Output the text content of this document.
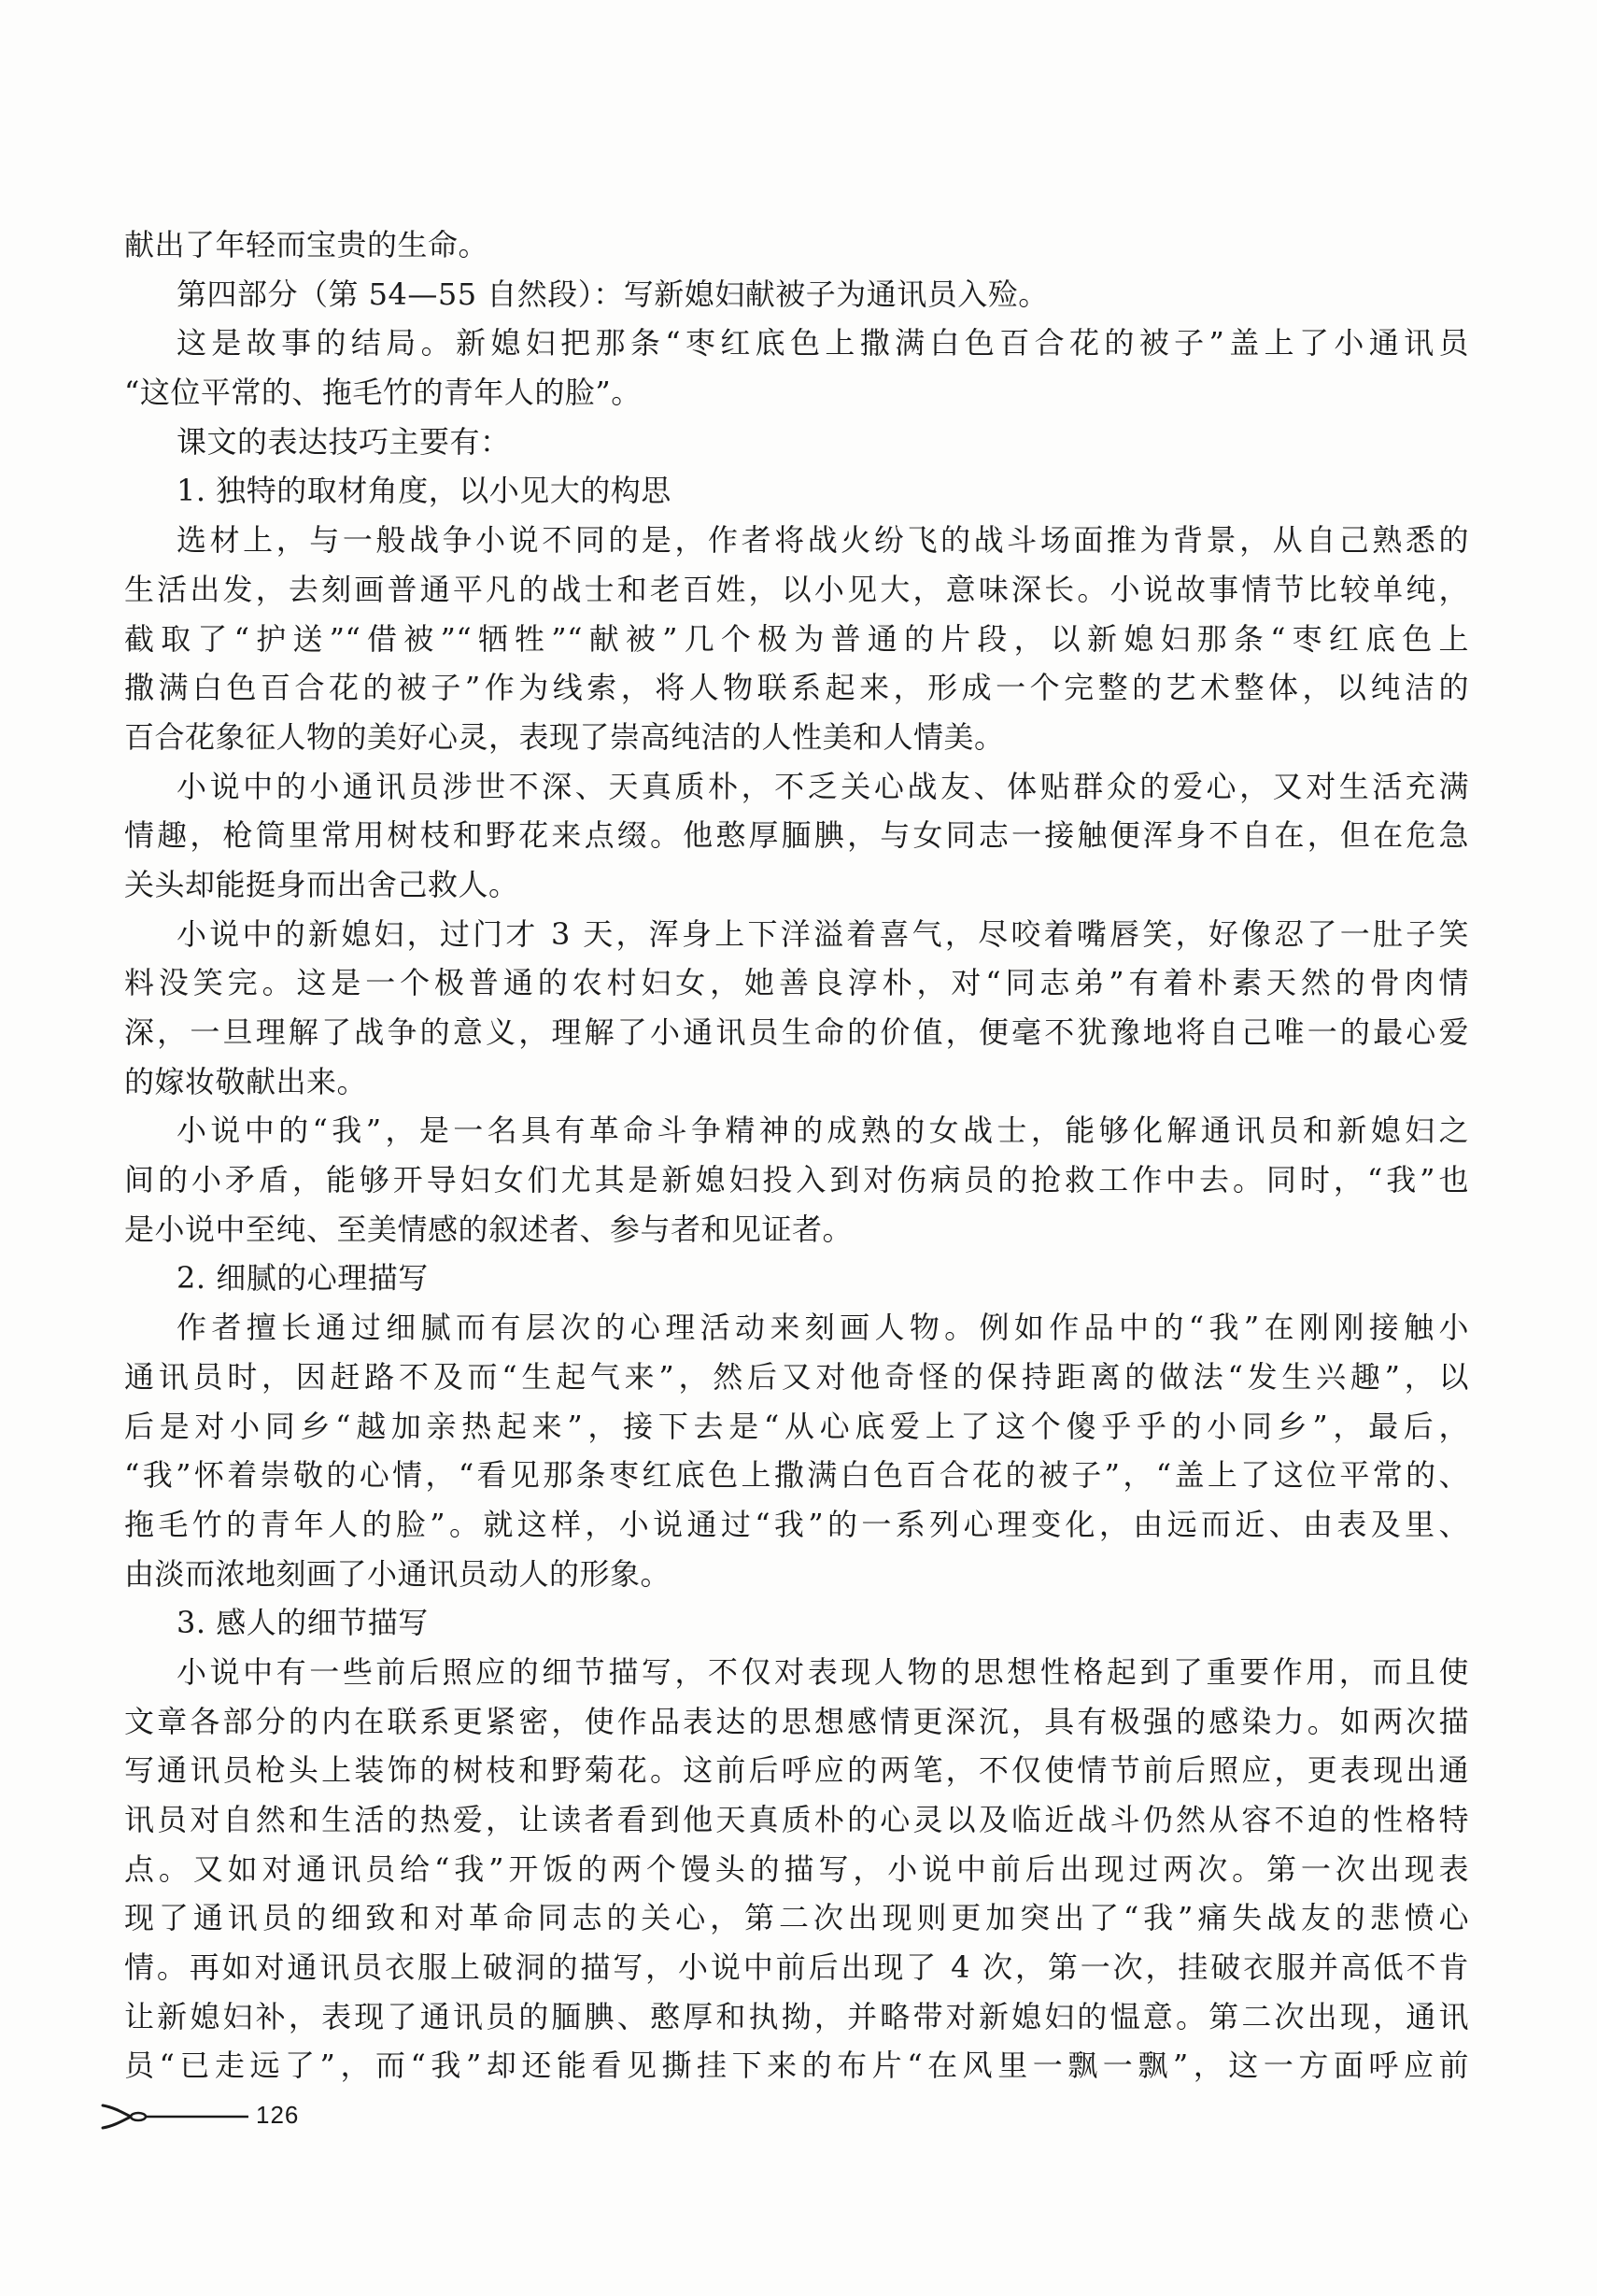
献出了年轻而宝贵的生命。
第四部分（第 54—55 自然段）：写新媳妇献被子为通讯员入殓。
这是故事的结局。新媳妇把那条“枣红底色上撒满白色百合花的被子”盖上了小通讯员
“这位平常的、拖毛竹的青年人的脸”。
课文的表达技巧主要有：
1. 独特的取材角度，以小见大的构思
选材上，与一般战争小说不同的是，作者将战火纷飞的战斗场面推为背景，从自己熟悉的
生活出发，去刻画普通平凡的战士和老百姓，以小见大，意味深长。小说故事情节比较单纯，
截取了“护送”“借被”“牺牲”“献被”几个极为普通的片段，以新媳妇那条“枣红底色上
撒满白色百合花的被子”作为线索，将人物联系起来，形成一个完整的艺术整体，以纯洁的
百合花象征人物的美好心灵，表现了崇高纯洁的人性美和人情美。
小说中的小通讯员涉世不深、天真质朴，不乏关心战友、体贴群众的爱心，又对生活充满
情趣，枪筒里常用树枝和野花来点缀。他憨厚腼腆，与女同志一接触便浑身不自在，但在危急
关头却能挺身而出舍己救人。
小说中的新媳妇，过门才 3 天，浑身上下洋溢着喜气，尽咬着嘴唇笑，好像忍了一肚子笑
料没笑完。这是一个极普通的农村妇女，她善良淳朴，对“同志弟”有着朴素天然的骨肉情
深，一旦理解了战争的意义，理解了小通讯员生命的价值，便毫不犹豫地将自己唯一的最心爱
的嫁妆敬献出来。
小说中的“我”，是一名具有革命斗争精神的成熟的女战士，能够化解通讯员和新媳妇之
间的小矛盾，能够开导妇女们尤其是新媳妇投入到对伤病员的抢救工作中去。同时，“我”也
是小说中至纯、至美情感的叙述者、参与者和见证者。
2. 细腻的心理描写
作者擅长通过细腻而有层次的心理活动来刻画人物。例如作品中的“我”在刚刚接触小
通讯员时，因赶路不及而“生起气来”，然后又对他奇怪的保持距离的做法“发生兴趣”，以
后是对小同乡“越加亲热起来”，接下去是“从心底爱上了这个傻乎乎的小同乡”，最后，
“我”怀着崇敬的心情，“看见那条枣红底色上撒满白色百合花的被子”，“盖上了这位平常的、
拖毛竹的青年人的脸”。就这样，小说通过“我”的一系列心理变化，由远而近、由表及里、
由淡而浓地刻画了小通讯员动人的形象。
3. 感人的细节描写
小说中有一些前后照应的细节描写，不仅对表现人物的思想性格起到了重要作用，而且使
文章各部分的内在联系更紧密，使作品表达的思想感情更深沉，具有极强的感染力。如两次描
写通讯员枪头上装饰的树枝和野菊花。这前后呼应的两笔，不仅使情节前后照应，更表现出通
讯员对自然和生活的热爱，让读者看到他天真质朴的心灵以及临近战斗仍然从容不迫的性格特
点。又如对通讯员给“我”开饭的两个馒头的描写，小说中前后出现过两次。第一次出现表
现了通讯员的细致和对革命同志的关心，第二次出现则更加突出了“我”痛失战友的悲愤心
情。再如对通讯员衣服上破洞的描写，小说中前后出现了 4 次，第一次，挂破衣服并高低不肯
让新媳妇补，表现了通讯员的腼腆、憨厚和执拗，并略带对新媳妇的愠意。第二次出现，通讯
员“已走远了”，而“我”却还能看见撕挂下来的布片“在风里一飘一飘”，这一方面呼应前
126
